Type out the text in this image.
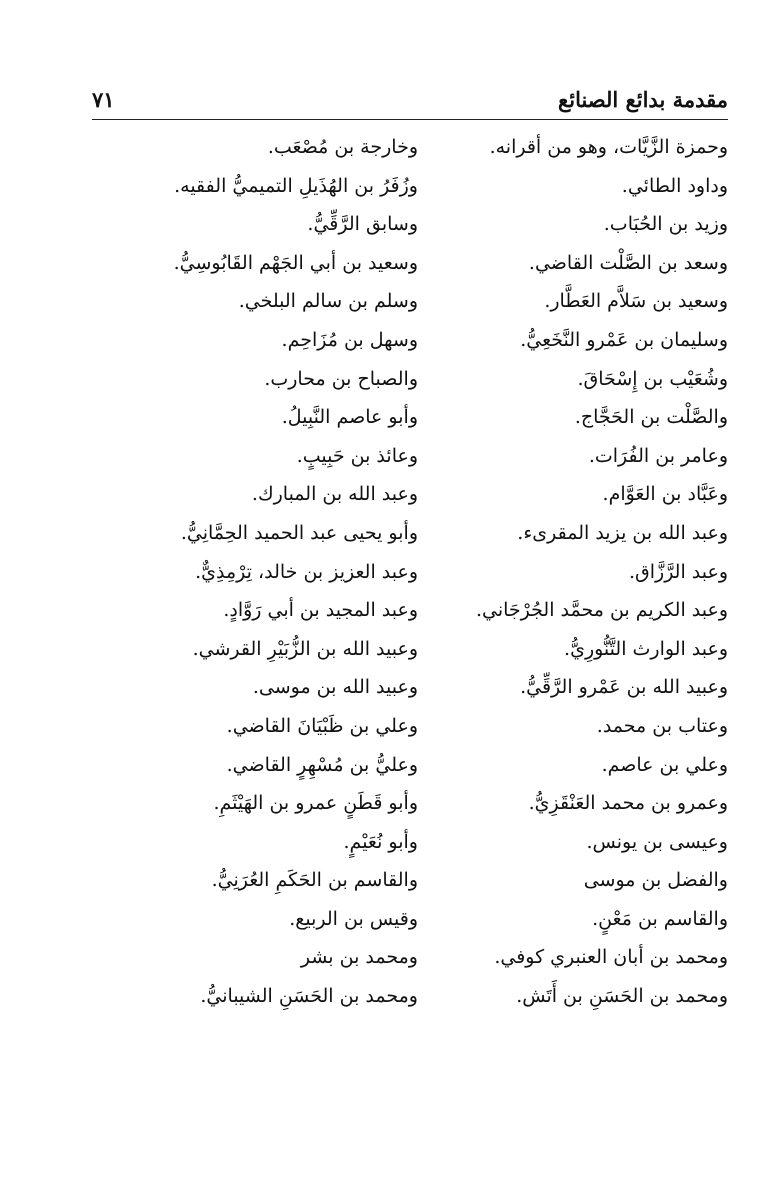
مقدمة بدائع الصنائع
٧١
وحمزة الزَّيَّات، وهو من أقرانه.
وداود الطائي.
وزيد بن الحُبَاب.
وسعد بن الصَّلْت القاضي.
وسعيد بن سَلاَّم العَطَّار.
وسليمان بن عَمْرو النَّخَعِيُّ.
وشُعَيْب بن إِسْحَاقَ.
والصَّلْت بن الحَجَّاج.
وعامر بن الفُرَات.
وعَبَّاد بن العَوَّام.
وعبد الله بن يزيد المقرىء.
وعبد الرَّزَّاق.
وعبد الكريم بن محمَّد الجُرْجَاني.
وعبد الوارث التَّنُّورِيُّ.
وعبيد الله بن عَمْرو الرَّقِّيُّ.
وعتاب بن محمد.
وعلي بن عاصم.
وعمرو بن محمد العَنْقَزِيُّ.
وعيسى بن يونس.
والفضل بن موسى
والقاسم بن مَعْنٍ.
ومحمد بن أبان العنبري كوفي.
ومحمد بن الحَسَنِ بن أَتَش.
وخارجة بن مُصْعَب.
وزُفَرُ بن الهُذَيلِ التميميُّ الفقيه.
وسابق الرَّقِّيُّ.
وسعيد بن أبي الجَهْم القَابُوسِيُّ.
وسلم بن سالم البلخي.
وسهل بن مُزَاحِم.
والصباح بن محارب.
وأبو عاصم النَّبِيلُ.
وعائذ بن حَبِيبٍ.
وعبد الله بن المبارك.
وأبو يحيى عبد الحميد الحِمَّانِيُّ.
وعبد العزيز بن خالد، تِرْمِذِيٌّ.
وعبد المجيد بن أبي رَوَّادٍ.
وعبيد الله بن الزُّبَيْرِ القرشي.
وعبيد الله بن موسى.
وعلي بن ظَبْيَانَ القاضي.
وعليُّ بن مُسْهِرٍ القاضي.
وأبو قَطَنٍ عمرو بن الهَيْثَمِ.
وأبو نُعَيْمٍ.
والقاسم بن الحَكَمِ العُرَنِيُّ.
وقيس بن الربيع.
ومحمد بن بشر
ومحمد بن الحَسَنِ الشيبانيُّ.
